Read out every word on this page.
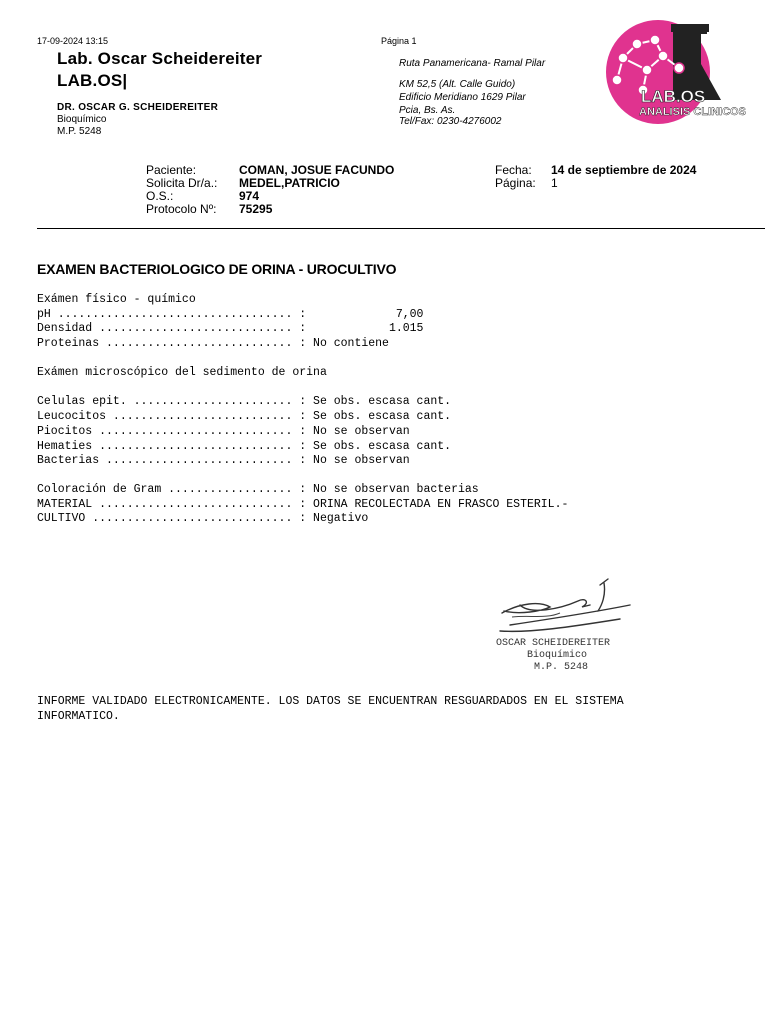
17-09-2024 13:15	Página 1
Lab. Oscar Scheidereiter
LAB.OS|
DR. OSCAR G. SCHEIDEREITER
Bioquímico
M.P. 5248
Ruta Panamericana- Ramal Pilar
KM 52,5 (Alt. Calle Guido)
Edificio Meridiano 1629 Pilar
Pcia, Bs. As.
Tel/Fax: 0230-4276002
LAB.OS
ANALISIS CLINICOS
Paciente:	COMAN, JOSUE FACUNDO
Solicita Dr/a.: MEDEL,PATRICIO
O.S.:	974
Protocolo Nº: 75295
Fecha: 14 de septiembre de 2024
Página: 1
EXAMEN BACTERIOLOGICO DE ORINA - UROCULTIVO

Exámen físico - químico

pH .................................. :             7,00

Densidad ............................ :            1.015

Proteinas ........................... : No contiene

Exámen microscópico del sedimento de orina

Celulas epit. ....................... : Se obs. escasa cant.

Leucocitos .......................... : Se obs. escasa cant.

Piocitos ............................ : No se observan

Hematies ............................ : Se obs. escasa cant.

Bacterias ........................... : No se observan

Coloración de Gram .................. : No se observan bacterias

MATERIAL ............................ : ORINA RECOLECTADA EN FRASCO ESTERIL.-

CULTIVO ............................. : Negativo

OSCAR SCHEIDEREITER
Bioquímico
M.P. 5248
INFORME VALIDADO ELECTRONICAMENTE. LOS DATOS SE ENCUENTRAN RESGUARDADOS EN EL SISTEMA
INFORMATICO.
